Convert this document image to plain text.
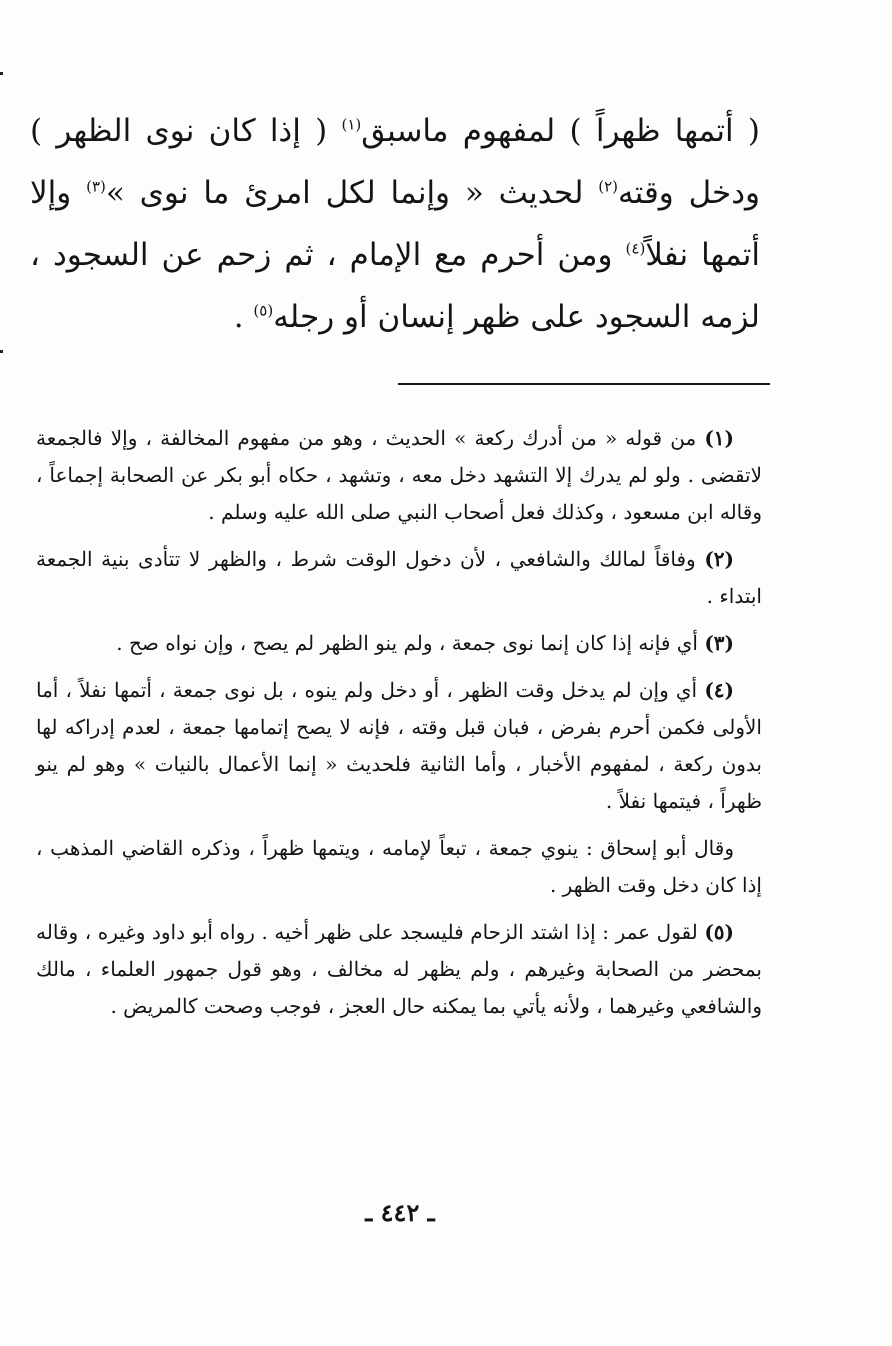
( أتمها ظهراً ) لمفهوم ماسبق$^{(١)}$ ( إذا كان نوى الظهر ) ودخل وقته$^{(٢)}$ لحديث « وإنما لكل امرئ ما نوى »$^{(٣)}$ وإلا أتمها نفلاً$^{(٤)}$ ومن أحرم مع الإمام ، ثم زحم عن السجود ، لزمه السجود على ظهر إنسان أو رجله$^{(٥)}$ .

(١) من قوله « من أدرك ركعة » الحديث ، وهو من مفهوم المخالفة ، وإلا فالجمعة لاتقضى . ولو لم يدرك إلا التشهد دخل معه ، وتشهد ، حكاه أبو بكر عن الصحابة إجماعاً ، وقاله ابن مسعود ، وكذلك فعل أصحاب النبي صلى الله عليه وسلم .

(٢) وفاقاً لمالك والشافعي ، لأن دخول الوقت شرط ، والظهر لا تتأدى بنية الجمعة ابتداء .

(٣) أي فإنه إذا كان إنما نوى جمعة ، ولم ينو الظهر لم يصح ، وإن نواه صح .

(٤) أي وإن لم يدخل وقت الظهر ، أو دخل ولم ينوه ، بل نوى جمعة ، أتمها نفلاً ، أما الأولى فكمن أحرم بفرض ، فبان قبل وقته ، فإنه لا يصح إتمامها جمعة ، لعدم إدراكه لها بدون ركعة ، لمفهوم الأخبار ، وأما الثانية فلحديث « إنما الأعمال بالنيات » وهو لم ينو ظهراً ، فيتمها نفلاً .

وقال أبو إسحاق : ينوي جمعة ، تبعاً لإمامه ، ويتمها ظهراً ، وذكره القاضي المذهب ، إذا كان دخل وقت الظهر .

(٥) لقول عمر : إذا اشتد الزحام فليسجد على ظهر أخيه . رواه أبو داود وغيره ، وقاله بمحضر من الصحابة وغيرهم ، ولم يظهر له مخالف ، وهو قول جمهور العلماء ، مالك والشافعي وغيرهما ، ولأنه يأتي بما يمكنه حال العجز ، فوجب وصحت كالمريض .

ـ ٤٤٢ ـ
